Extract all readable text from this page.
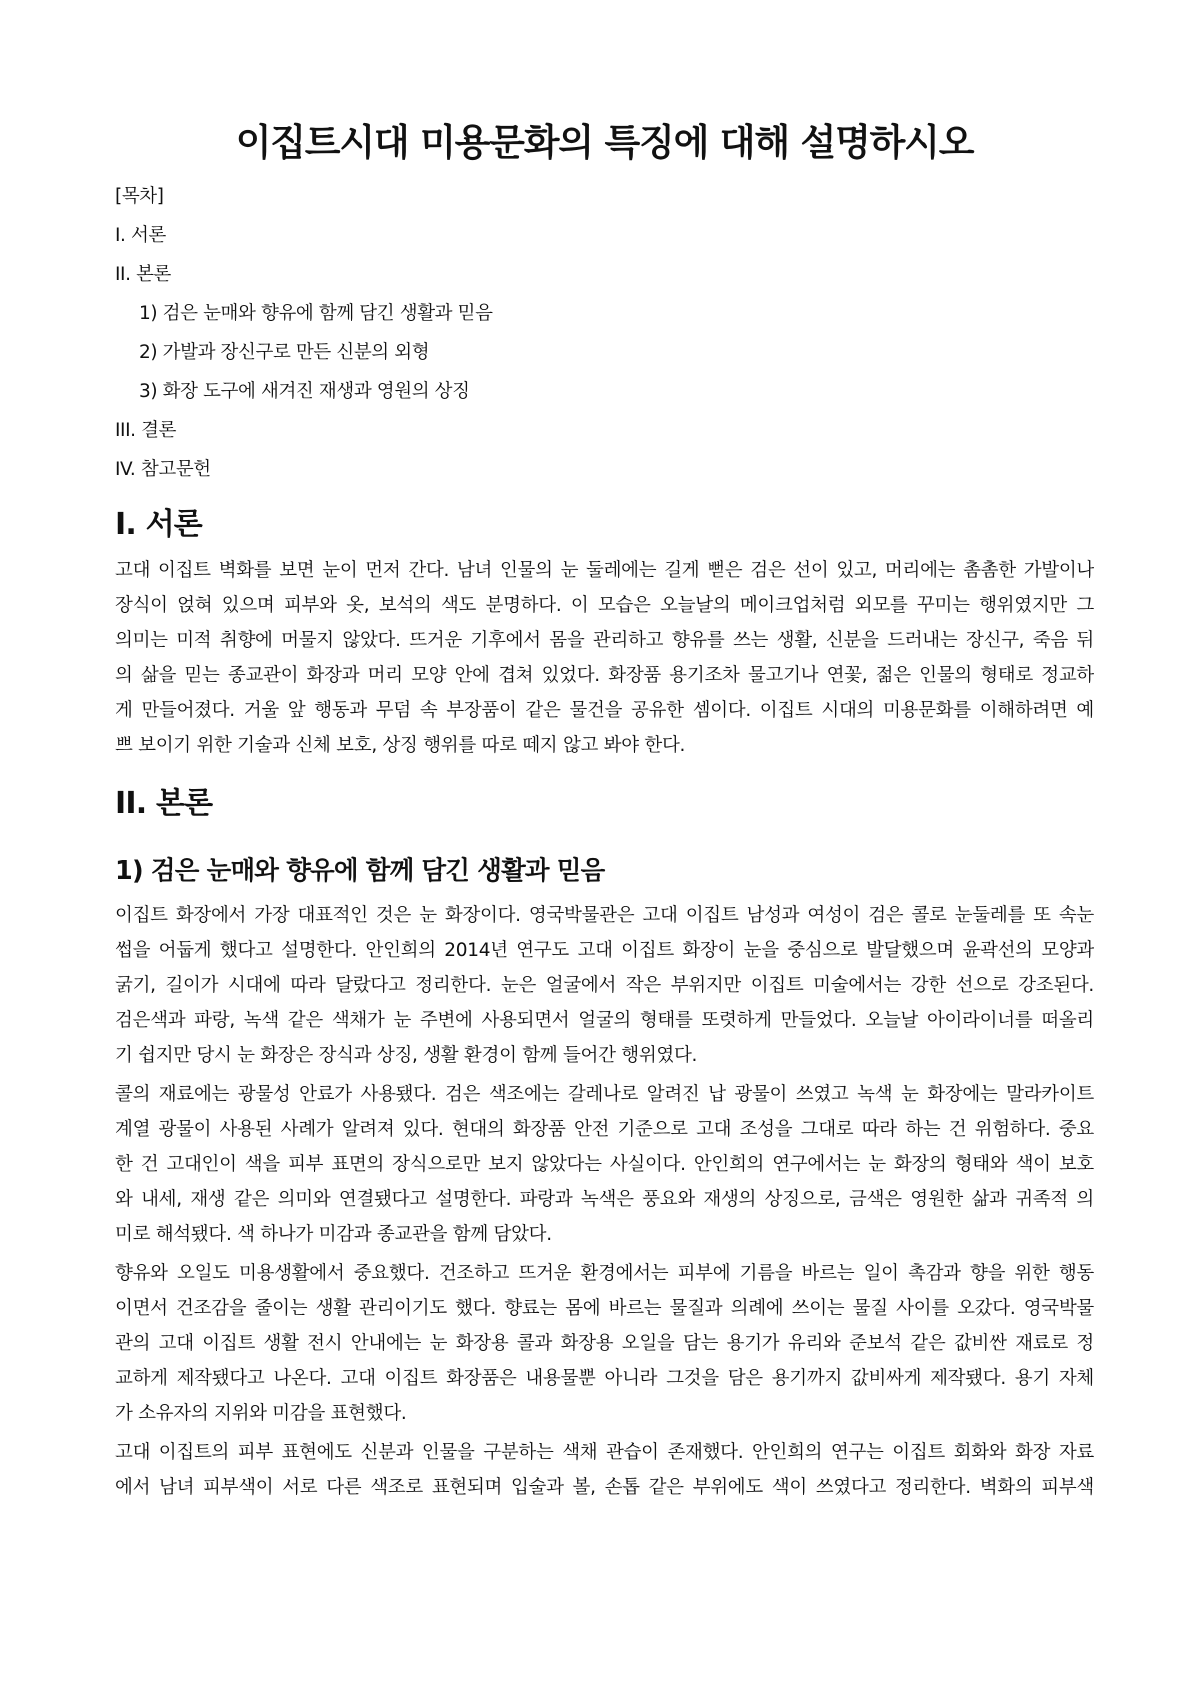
이집트시대 미용문화의 특징에 대해 설명하시오
[목차]
I. 서론
II. 본론
1) 검은 눈매와 향유에 함께 담긴 생활과 믿음
2) 가발과 장신구로 만든 신분의 외형
3) 화장 도구에 새겨진 재생과 영원의 상징
III. 결론
IV. 참고문헌
I. 서론
고대 이집트 벽화를 보면 눈이 먼저 간다. 남녀 인물의 눈 둘레에는 길게 뻗은 검은 선이 있고, 머리에는 촘촘한 가발이나
장식이 얹혀 있으며 피부와 옷, 보석의 색도 분명하다. 이 모습은 오늘날의 메이크업처럼 외모를 꾸미는 행위였지만 그
의미는 미적 취향에 머물지 않았다. 뜨거운 기후에서 몸을 관리하고 향유를 쓰는 생활, 신분을 드러내는 장신구, 죽음 뒤
의 삶을 믿는 종교관이 화장과 머리 모양 안에 겹쳐 있었다. 화장품 용기조차 물고기나 연꽃, 젊은 인물의 형태로 정교하
게 만들어졌다. 거울 앞 행동과 무덤 속 부장품이 같은 물건을 공유한 셈이다. 이집트 시대의 미용문화를 이해하려면 예
쁘 보이기 위한 기술과 신체 보호, 상징 행위를 따로 떼지 않고 봐야 한다.
II. 본론
1) 검은 눈매와 향유에 함께 담긴 생활과 믿음
이집트 화장에서 가장 대표적인 것은 눈 화장이다. 영국박물관은 고대 이집트 남성과 여성이 검은 콜로 눈둘레를 또 속눈
썹을 어둡게 했다고 설명한다. 안인희의 2014년 연구도 고대 이집트 화장이 눈을 중심으로 발달했으며 윤곽선의 모양과
굵기, 길이가 시대에 따라 달랐다고 정리한다. 눈은 얼굴에서 작은 부위지만 이집트 미술에서는 강한 선으로 강조된다.
검은색과 파랑, 녹색 같은 색채가 눈 주변에 사용되면서 얼굴의 형태를 또렷하게 만들었다. 오늘날 아이라이너를 떠올리
기 쉽지만 당시 눈 화장은 장식과 상징, 생활 환경이 함께 들어간 행위였다.
콜의 재료에는 광물성 안료가 사용됐다. 검은 색조에는 갈레나로 알려진 납 광물이 쓰였고 녹색 눈 화장에는 말라카이트
계열 광물이 사용된 사례가 알려져 있다. 현대의 화장품 안전 기준으로 고대 조성을 그대로 따라 하는 건 위험하다. 중요
한 건 고대인이 색을 피부 표면의 장식으로만 보지 않았다는 사실이다. 안인희의 연구에서는 눈 화장의 형태와 색이 보호
와 내세, 재생 같은 의미와 연결됐다고 설명한다. 파랑과 녹색은 풍요와 재생의 상징으로, 금색은 영원한 삶과 귀족적 의
미로 해석됐다. 색 하나가 미감과 종교관을 함께 담았다.
향유와 오일도 미용생활에서 중요했다. 건조하고 뜨거운 환경에서는 피부에 기름을 바르는 일이 촉감과 향을 위한 행동
이면서 건조감을 줄이는 생활 관리이기도 했다. 향료는 몸에 바르는 물질과 의례에 쓰이는 물질 사이를 오갔다. 영국박물
관의 고대 이집트 생활 전시 안내에는 눈 화장용 콜과 화장용 오일을 담는 용기가 유리와 준보석 같은 값비싼 재료로 정
교하게 제작됐다고 나온다. 고대 이집트 화장품은 내용물뿐 아니라 그것을 담은 용기까지 값비싸게 제작됐다. 용기 자체
가 소유자의 지위와 미감을 표현했다.
고대 이집트의 피부 표현에도 신분과 인물을 구분하는 색채 관습이 존재했다. 안인희의 연구는 이집트 회화와 화장 자료
에서 남녀 피부색이 서로 다른 색조로 표현되며 입술과 볼, 손톱 같은 부위에도 색이 쓰였다고 정리한다. 벽화의 피부색
